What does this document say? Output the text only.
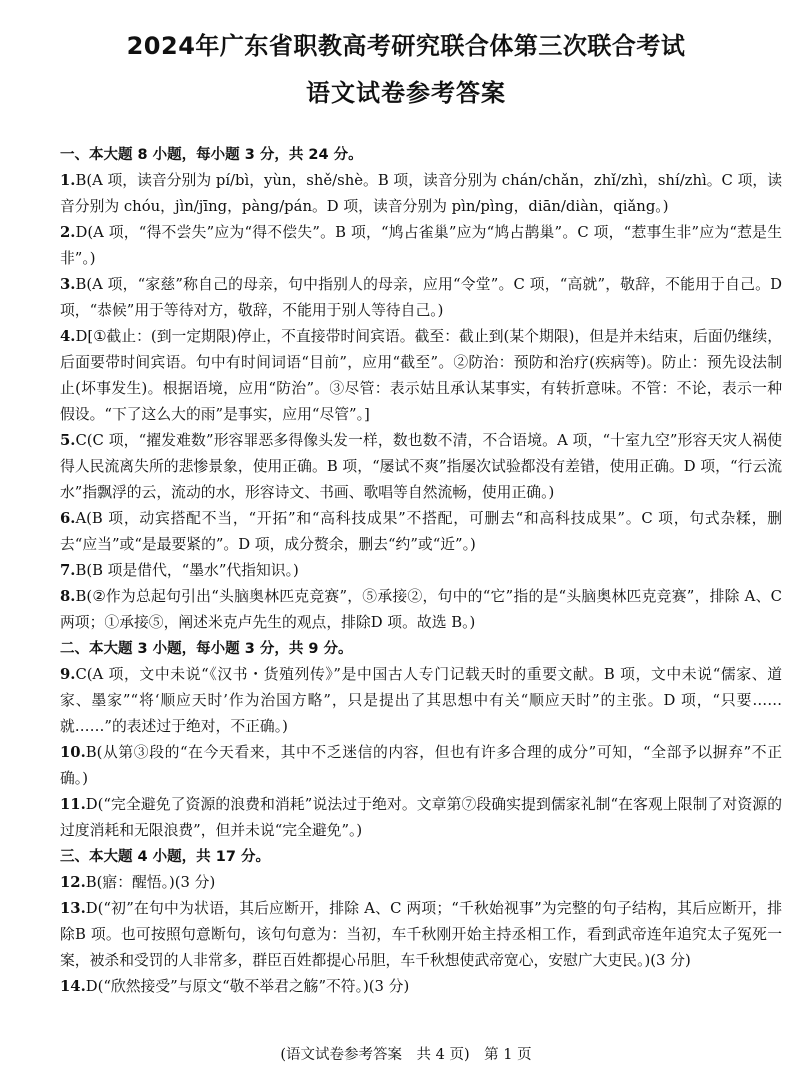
2024年广东省职教高考研究联合体第三次联合考试
语文试卷参考答案

一、本大题 8 小题，每小题 3 分，共 24 分。

1.B(A 项，读音分别为 pí/bì，yùn，shě/shè。B 项，读音分别为 chán/chǎn，zhǐ/zhì，shí/zhì。C 项，读音分别为 chóu，jìn/jīng，pàng/pán。D 项，读音分别为 pìn/pìng，diān/diàn，qiǎng。)

2.D(A 项，“得不尝失”应为“得不偿失”。B 项，“鸠占雀巢”应为“鸠占鹊巢”。C 项，“惹事生非”应为“惹是生非”。)

3.B(A 项，“家慈”称自己的母亲，句中指别人的母亲，应用“令堂”。C 项，“高就”，敬辞，不能用于自己。D 项，“恭候”用于等待对方，敬辞，不能用于别人等待自己。)

4.D[①截止：(到一定期限)停止，不直接带时间宾语。截至：截止到(某个期限)，但是并未结束，后面仍继续，后面要带时间宾语。句中有时间词语“目前”，应用“截至”。②防治：预防和治疗(疾病等)。防止：预先设法制止(坏事发生)。根据语境，应用“防治”。③尽管：表示姑且承认某事实，有转折意味。不管：不论，表示一种假设。“下了这么大的雨”是事实，应用“尽管”。]

5.C(C 项，“擢发难数”形容罪恶多得像头发一样，数也数不清，不合语境。A 项，“十室九空”形容天灾人祸使得人民流离失所的悲惨景象，使用正确。B 项，“屡试不爽”指屡次试验都没有差错，使用正确。D 项，“行云流水”指飘浮的云，流动的水，形容诗文、书画、歌唱等自然流畅，使用正确。)

6.A(B 项，动宾搭配不当，“开拓”和“高科技成果”不搭配，可删去“和高科技成果”。C 项，句式杂糅，删去“应当”或“是最要紧的”。D 项，成分赘余，删去“约”或“近”。)

7.B(B 项是借代，“墨水”代指知识。)

8.B(②作为总起句引出“头脑奥林匹克竞赛”，⑤承接②，句中的“它”指的是“头脑奥林匹克竞赛”，排除 A、C 两项；①承接⑤，阐述米克卢先生的观点，排除D 项。故选 B。)

二、本大题 3 小题，每小题 3 分，共 9 分。

9.C(A 项，文中未说“《汉书・货殖列传》”是中国古人专门记载天时的重要文献。B 项，文中未说“儒家、道家、墨家”“将‘顺应天时’作为治国方略”，只是提出了其思想中有关“顺应天时”的主张。D 项，“只要……就……”的表述过于绝对，不正确。)

10.B(从第③段的“在今天看来，其中不乏迷信的内容，但也有许多合理的成分”可知，“全部予以摒弃”不正确。)

11.D(“完全避免了资源的浪费和消耗”说法过于绝对。文章第⑦段确实提到儒家礼制“在客观上限制了对资源的过度消耗和无限浪费”，但并未说“完全避免”。)

三、本大题 4 小题，共 17 分。

12.B(寤：醒悟。)(3 分)

13.D(“初”在句中为状语，其后应断开，排除 A、C 两项；“千秋始视事”为完整的句子结构，其后应断开，排除B 项。也可按照句意断句，该句句意为：当初，车千秋刚开始主持丞相工作，看到武帝连年追究太子冤死一案，被杀和受罚的人非常多，群臣百姓都提心吊胆，车千秋想使武帝宽心，安慰广大吏民。)(3 分)

14.D(“欣然接受”与原文“敬不举君之觞”不符。)(3 分)

(语文试卷参考答案　共 4 页)　第 1 页
